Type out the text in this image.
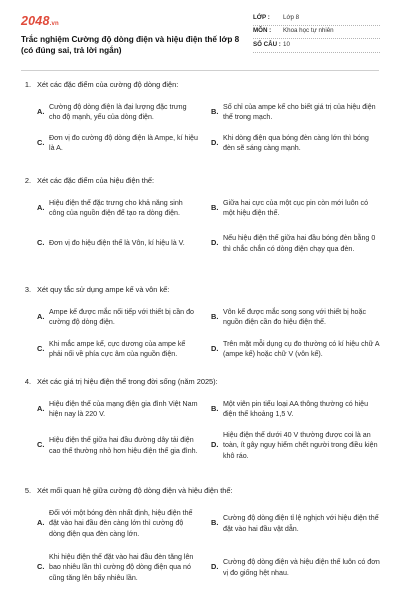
2048.vn
Trắc nghiệm Cường độ dòng điện và hiệu điện thế lớp 8 (có đúng sai, trả lời ngắn)
LỚP :	Lớp 8
MÔN :	Khoa học tự nhiên
SỐ CÂU : 10
1. Xét các đặc điểm của cường độ dòng điện:
A.
Cường độ dòng điện là đại lượng đặc trưng cho độ mạnh, yếu của dòng điện.
B.
Số chỉ của ampe kế cho biết giá trị của hiệu điện thế trong mạch.
C.
Đơn vị đo cường độ dòng điện là Ampe, kí hiệu là A.
D.
Khi dòng điện qua bóng đèn càng lớn thì bóng đèn sẽ sáng càng mạnh.
2. Xét các đặc điểm của hiệu điện thế:
A.
Hiệu điện thế đặc trưng cho khả năng sinh công của nguồn điện để tạo ra dòng điện.
B.
Giữa hai cực của một cục pin còn mới luôn có một hiệu điện thế.
C. Đơn vị đo hiệu điện thế là Vôn, kí hiệu là V.	D.
Nếu hiệu điện thế giữa hai đầu bóng đèn bằng 0 thì chắc chắn có dòng điện chạy qua đèn.
3. Xét quy tắc sử dụng ampe kế và vôn kế:
A.
Ampe kế được mắc nối tiếp với thiết bị cần đo cường độ dòng điện.
B.
Vôn kế được mắc song song với thiết bị hoặc nguồn điện cần đo hiệu điện thế.
C.
Khi mắc ampe kế, cực dương của ampe kế phải nối về phía cực âm của nguồn điện.
D.
Trên mặt mỗi dụng cụ đo thường có kí hiệu chữ A (ampe kế) hoặc chữ V (vôn kế).
4. Xét các giá trị hiệu điện thế trong đời sống (năm 2025):
A.
Hiệu điện thế của mạng điện gia đình Việt Nam hiện nay là 220 V.
B.
Một viên pin tiểu loại AA thông thường có hiệu điện thế khoảng 1,5 V.
C.
Hiệu điện thế giữa hai đầu đường dây tải điện cao thế thường nhỏ hơn hiệu điện thế gia đình.
D.
Hiệu điện thế dưới 40 V thường được coi là an toàn, ít gây nguy hiểm chết người trong điều kiện khô ráo.
5. Xét mối quan hệ giữa cường độ dòng điện và hiệu điện thế:
A.
Đối với một bóng đèn nhất định, hiệu điện thế đặt vào hai đầu đèn càng lớn thì cường độ dòng điện qua đèn càng lớn.
B.
Cường độ dòng điện tỉ lệ nghịch với hiệu điện thế đặt vào hai đầu vật dẫn.
C.
Khi hiệu điện thế đặt vào hai đầu đèn tăng lên bao nhiêu lần thì cường độ dòng điện qua nó cũng tăng lên bấy nhiêu lần.
D.
Cường độ dòng điện và hiệu điện thế luôn có đơn vị đo giống hệt nhau.
